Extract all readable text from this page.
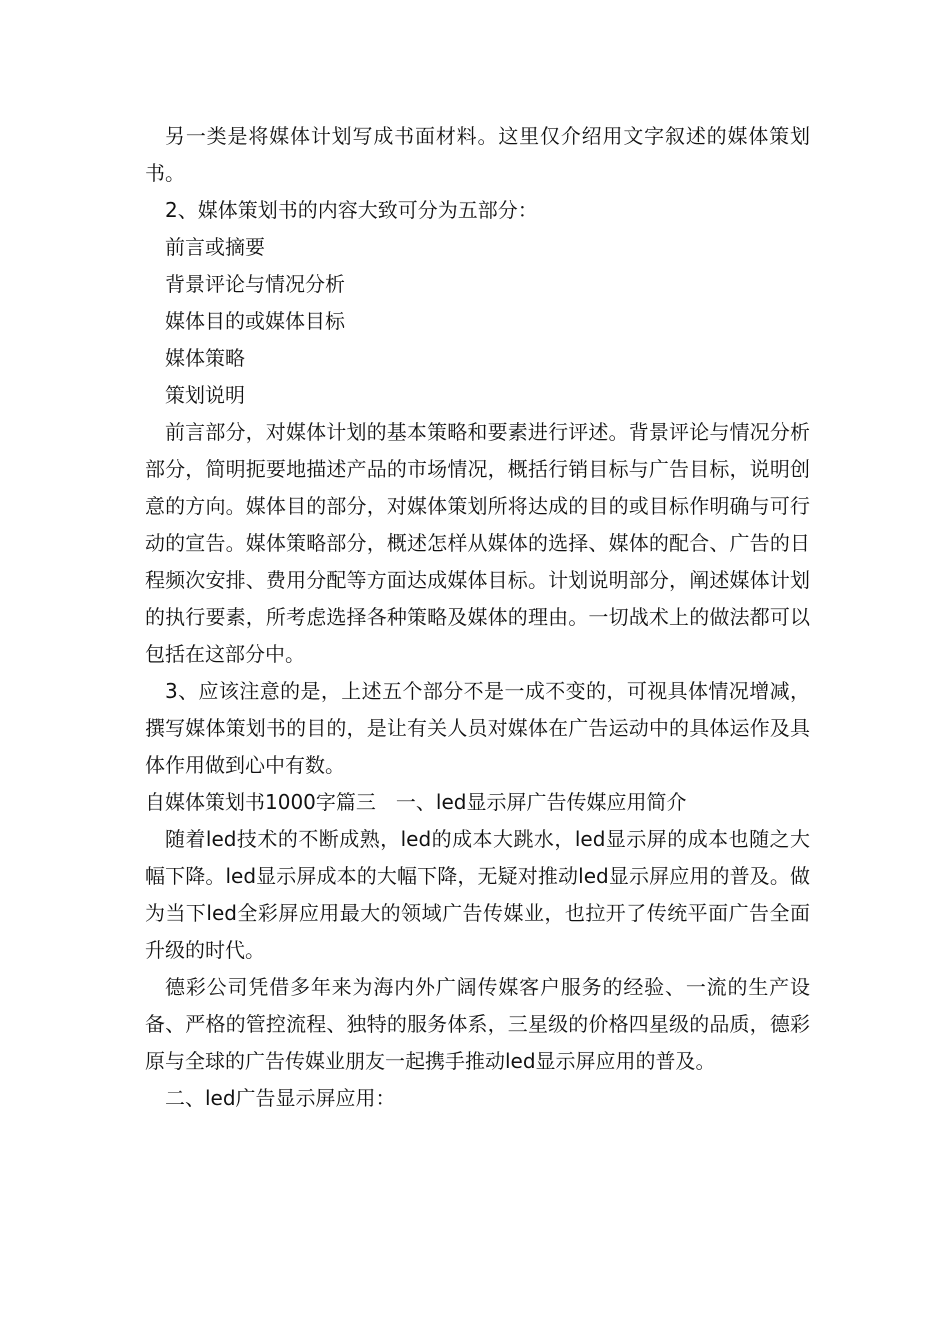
另一类是将媒体计划写成书面材料。这里仅介绍用文字叙述的媒体策划书。

2、媒体策划书的内容大致可分为五部分：

前言或摘要

背景评论与情况分析

媒体目的或媒体目标

媒体策略

策划说明

前言部分，对媒体计划的基本策略和要素进行评述。背景评论与情况分析部分，简明扼要地描述产品的市场情况，概括行销目标与广告目标，说明创意的方向。媒体目的部分，对媒体策划所将达成的目的或目标作明确与可行动的宣告。媒体策略部分，概述怎样从媒体的选择、媒体的配合、广告的日程频次安排、费用分配等方面达成媒体目标。计划说明部分，阐述媒体计划的执行要素，所考虑选择各种策略及媒体的理由。一切战术上的做法都可以包括在这部分中。

3、应该注意的是，上述五个部分不是一成不变的，可视具体情况增减，撰写媒体策划书的目的，是让有关人员对媒体在广告运动中的具体运作及具体作用做到心中有数。

自媒体策划书1000字篇三　一、led显示屏广告传媒应用简介

随着led技术的不断成熟，led的成本大跳水，led显示屏的成本也随之大幅下降。led显示屏成本的大幅下降，无疑对推动led显示屏应用的普及。做为当下led全彩屏应用最大的领域广告传媒业，也拉开了传统平面广告全面升级的时代。

德彩公司凭借多年来为海内外广阔传媒客户服务的经验、一流的生产设备、严格的管控流程、独特的服务体系，三星级的价格四星级的品质，德彩原与全球的广告传媒业朋友一起携手推动led显示屏应用的普及。

二、led广告显示屏应用：
